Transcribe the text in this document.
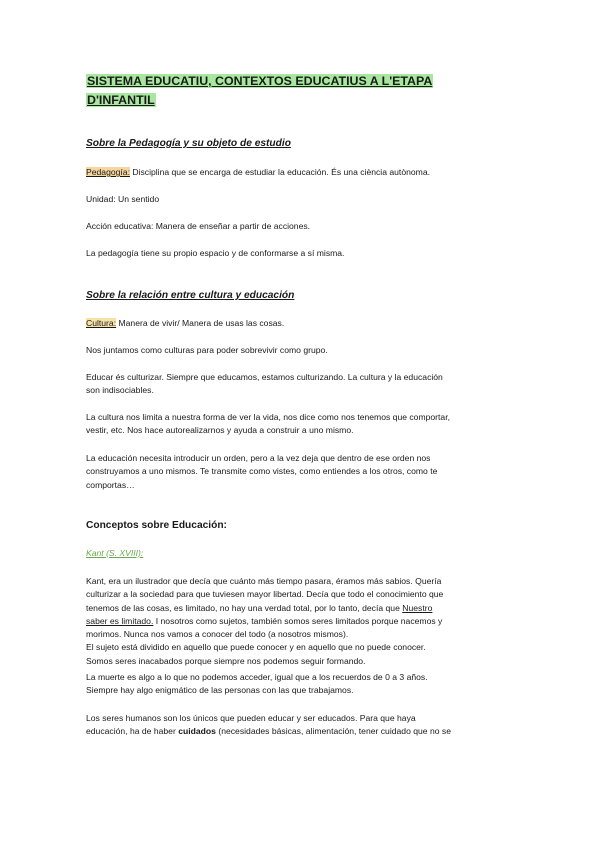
SISTEMA EDUCATIU, CONTEXTOS EDUCATIUS A L'ETAPA
D'INFANTIL
Sobre la Pedagogía y su objeto de estudio
Pedagogía: Disciplina que se encarga de estudiar la educación. És una ciència autònoma.
Unidad: Un sentido
Acción educativa: Manera de enseñar a partir de acciones.
La pedagogía tiene su propio espacio y de conformarse a sí misma.
Sobre la relación entre cultura y educación
Cultura: Manera de vivir/ Manera de usas las cosas.
Nos juntamos como culturas para poder sobrevivir como grupo.

Educar és culturizar. Siempre que educamos, estamos culturizando. La cultura y la educación

son indisociables.

La cultura nos limita a nuestra forma de ver la vida, nos dice como nos tenemos que comportar,

vestir, etc. Nos hace autorealizarnos y ayuda a construir a uno mismo.

La educación necesita introducir un orden, pero a la vez deja que dentro de ese orden nos

construyamos a uno mismos. Te transmite como vistes, como entiendes a los otros, como te

comportas…

Conceptos sobre Educación:
Kant (S. XVIII):

Kant, era un ilustrador que decía que cuánto más tiempo pasara, éramos más sabios. Quería

culturizar a la sociedad para que tuviesen mayor libertad. Decía que todo el conocimiento que

tenemos de las cosas, es limitado, no hay una verdad total, por lo tanto, decía que Nuestro

saber es limitado. I nosotros como sujetos, también somos seres limitados porque nacemos y

morimos. Nunca nos vamos a conocer del todo (a nosotros mismos).

El sujeto está dividido en aquello que puede conocer y en aquello que no puede conocer.

Somos seres inacabados porque siempre nos podemos seguir formando.

La muerte es algo a lo que no podemos acceder, igual que a los recuerdos de 0 a 3 años.

Siempre hay algo enigmático de las personas con las que trabajamos.

Los seres humanos son los únicos que pueden educar y ser educados. Para que haya

educación, ha de haber cuidados (necesidades básicas, alimentación, tener cuidado que no se
